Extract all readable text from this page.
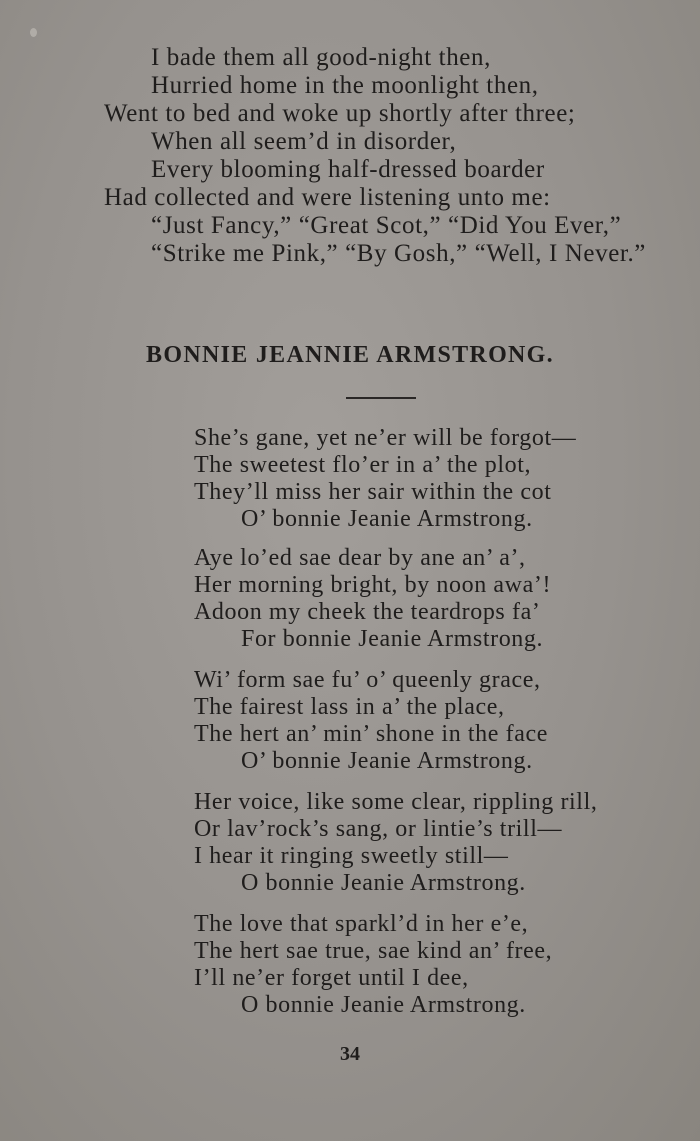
I bade them all good-night then,
Hurried home in the moonlight then,
Went to bed and woke up shortly after three;
When all seem’d in disorder,
Every blooming half-dressed boarder
Had collected and were listening unto me:
“Just Fancy,” “Great Scot,” “Did You Ever,”
“Strike me Pink,” “By Gosh,” “Well, I Never.”
BONNIE JEANNIE ARMSTRONG.
She’s gane, yet ne’er will be forgot—
The sweetest flo’er in a’ the plot,
They’ll miss her sair within the cot
O’ bonnie Jeanie Armstrong.
Aye lo’ed sae dear by ane an’ a’,
Her morning bright, by noon awa’!
Adoon my cheek the teardrops fa’
For bonnie Jeanie Armstrong.
Wi’ form sae fu’ o’ queenly grace,
The fairest lass in a’ the place,
The hert an’ min’ shone in the face
O’ bonnie Jeanie Armstrong.
Her voice, like some clear, rippling rill,
Or lav’rock’s sang, or lintie’s trill—
I hear it ringing sweetly still—
O bonnie Jeanie Armstrong.
The love that sparkl’d in her e’e,
The hert sae true, sae kind an’ free,
I’ll ne’er forget until I dee,
O bonnie Jeanie Armstrong.
34
